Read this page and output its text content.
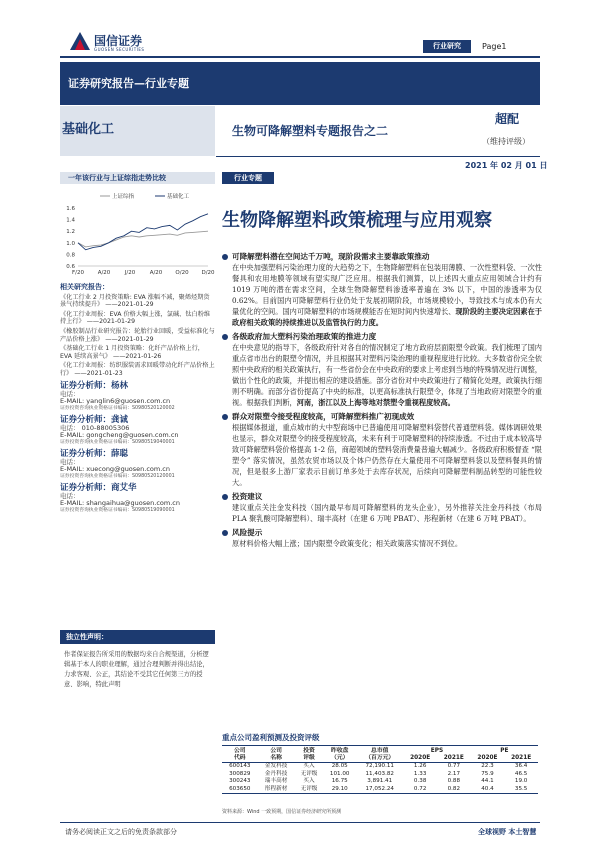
国信证券
GUOSEN SECURITIES	行业研究	Page1
证券研究报告—行业专题
基础化工	生物可降解塑料专题报告之二
超配
（维持评级）
2021 年 02 月 01 日
一年该行业与上证综指走势比较
1.6
1.4
1.2
1.0
0.8
0.6
F/20 A/20	J/20	A/20 O/20 D/20
上证综指	基础化工
行业专题
生物降解塑料政策梳理与应用观察
相关研究报告：
《化工行业 2 月投资策略: EVA 涨幅不减，聚烯烃期货景气持续提升》 ——2021-01-29
《化工行业周报：EVA 价格大幅上涨，氯碱、钛白粉维持上行》 ——2021-01-29
《橡胶制品行业研究报告：轮胎行业回暖，受益标准化与产品价格上涨》 ——2021-01-29
《基础化工行业 1 月投资策略：化纤产品价格上行，EVA 延续高景气》 ——2021-01-26
《化工行业周报：纺织服装需求回暖带动化纤产品价格上行》 ——2021-01-23
证券分析师：杨林
电话：
E-MAIL: yanglin6@guosen.com.cn
证券投资咨询执业资格证书编码：S0980520120002
证券分析师：龚诚
电话： 010-88005306
E-MAIL: gongcheng@guosen.com.cn
证券投资咨询执业资格证书编码：S0980519040001
证券分析师：薛聪
电话：
E-MAIL: xuecong@guosen.com.cn
证券投资咨询执业资格证书编码：S0980520120001
证券分析师：商艾华
电话：
E-MAIL: shangaihua@guosen.com.cn
证券投资咨询执业资格证书编码：S0980519090001
独立性声明：
作者保证报告所采用的数据均来自合规渠道，分析逻辑基于本人的职业理解，通过合理判断并得出结论，力求客观、公正，其结论不受其它任何第三方的授意、影响，特此声明
可降解塑料潜在空间达千万吨，现阶段需求主要靠政策推动
在中央加强塑料污染治理力度的大趋势之下，生物降解塑料在包装用薄膜、一次性塑料袋、一次性餐具和农用地膜等领域有望实现广泛应用。根据我们测算，以上述四大重点应用领域合计约有 1019 万吨的潜在需求空间，全球生物降解塑料渗透率普遍在 3% 以下，中国的渗透率为仅 0.62%。目前国内可降解塑料行业仍处于发展初期阶段，市场规模较小，导致技术与成本仍有大量优化的空间。国内可降解塑料的市场规模能否在短时间内快速增长、现阶段的主要决定因素在于政府相关政策的持续推进以及监管执行的力度。
各级政府加大塑料污染治理政策的推进力度
在中央意见的指导下，各级政府针对各自的情况制定了地方政府层面限塑令政策。我们梳理了国内重点省市出台的限塑令情况，并且根据其对塑料污染治理的重视程度进行比较。大多数省份完全依照中央政府的相关政策执行，有一些省份会在中央政府的要求上考虑到当地的特殊情况进行调整，做出个性化的政策，并提出相应的建设措施。部分省份对中央政策进行了精简化处理，政策执行细则不明确。而部分省份提高了中央的标准，以更高标准执行限塑令，体现了当地政府对限塑令的重视。根据我们判断，河南，浙江以及上海等地对禁塑令重视程度较高。
群众对限塑令接受程度较高，可降解塑料推广初现成效
根据媒体报道，重点城市的大中型商场中已普遍使用可降解塑料袋替代普通塑料袋。媒体调研效果也显示，群众对限塑令的接受程度较高，未来有利于可降解塑料的持续渗透。不过由于成本较高导致可降解塑料袋价格提高 1-2 倍，商超领域的塑料袋消费量普遍大幅减少。各级政府积极督查 “限塑令” 落实情况，虽然农贸市场以及个体户仍然存在大量使用不可降解塑料袋以及塑料餐具的情况，但是很多上游厂家表示目前订单多处于去库存状况，后续向可降解塑料制品转型的可能性较大。
投资建议
建议重点关注金发科技（国内最早布局可降解塑料的龙头企业），另外推荐关注金丹科技（布局 PLA 聚乳酸可降解塑料）、瑞丰高材（在建 6 万吨 PBAT）、彤程新材（在建 6 万吨 PBAT）。
风险提示
原材料价格大幅上涨；国内限塑令政策变化；相关政策落实情况不到位。
重点公司盈利预测及投资评级
公司	公司	投资	昨收盘	总市值	EPS		PE	
代码	名称	评级	（元）	（百万元）	2020E	2021E	2020E	2021E
600143	金发科技	买入	28.05	72,190.11	1.26	0.77	22.3	36.4
300829	金丹科技	无评级	101.00	11,403.82	1.33	2.17	75.9	46.5
300243	瑞丰高材	买入	16.75	3,891.41	0.38	0.88	44.1	19.0
603650	彤程新材	无评级	29.10	17,052.24	0.72	0.82	40.4	35.5
资料来源：Wind 一致预期，国信证券经济研究所预测
请务必阅读正文之后的免责条款部分	全球视野 本土智慧
